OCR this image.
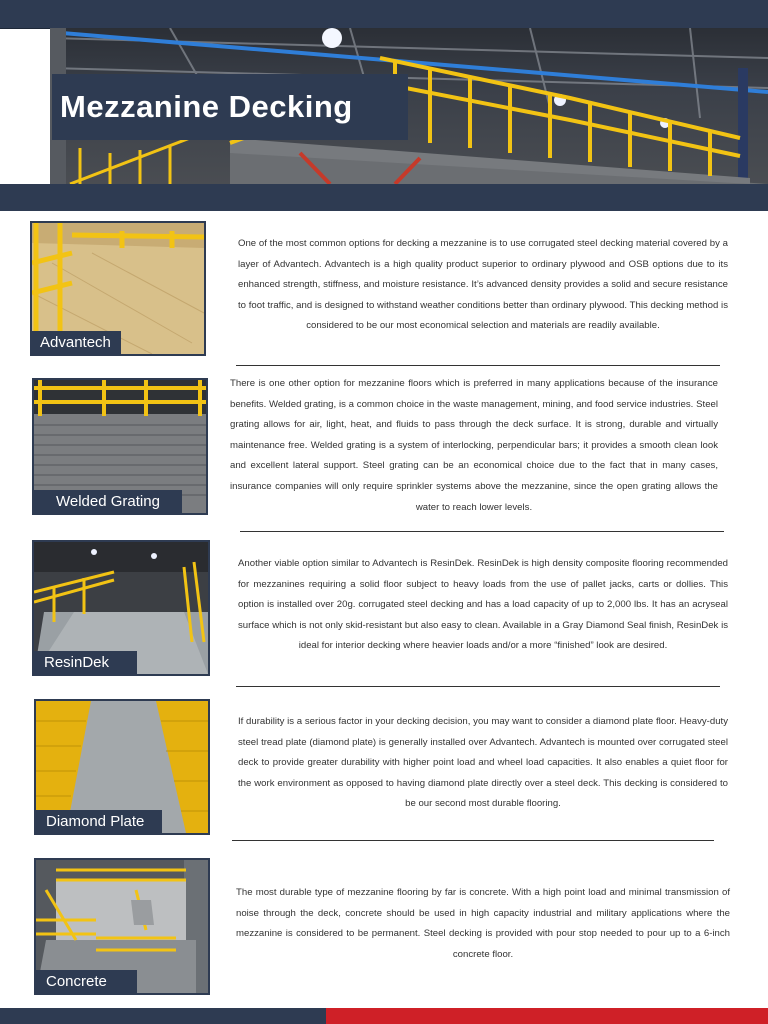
Mezzanine Decking
Advantech
One of the most common options for decking a mezzanine is to use corrugated steel decking material covered by a layer of Advantech. Advantech is a high quality product superior to ordinary plywood and OSB options due to its enhanced strength, stiffness, and moisture resistance. It’s advanced density provides a solid and secure resistance to foot traffic, and is designed to withstand weather conditions better than ordinary plywood. This decking method is considered to be our most economical selection and materials are readily available.
Welded Grating
There is one other option for mezzanine floors which is preferred in many applications because of the insurance benefits. Welded grating, is a common choice in the waste management, mining, and food service industries. Steel grating allows for air, light, heat, and fluids to pass through the deck surface. It is strong, durable and virtually maintenance free. Welded grating is a system of interlocking, perpendicular bars; it provides a smooth clean look and excellent lateral support. Steel grating can be an economical choice due to the fact that in many cases, insurance companies will only require sprinkler systems above the mezzanine, since the open grating allows the water to reach lower levels.
ResinDek
Another viable option similar to Advantech is ResinDek. ResinDek is high density composite flooring recommended for mezzanines requiring a solid floor subject to heavy loads from the use of pallet jacks, carts or dollies. This option is installed over 20g. corrugated steel decking and has a load capacity of up to 2,000 lbs. It has an acryseal surface which is not only skid-resistant but also easy to clean. Available in a Gray Diamond Seal finish, ResinDek is ideal for interior decking where heavier loads and/or a more “finished” look are desired.
Diamond Plate
If durability is a serious factor in your decking decision, you may want to consider a diamond plate floor. Heavy-duty steel tread plate (diamond plate) is generally installed over Advantech. Advantech is mounted over corrugated steel deck to provide greater durability with higher point load and wheel load capacities. It also enables a quiet floor for the work environment as opposed to having diamond plate directly over a steel deck. This decking is considered to be our second most durable flooring.
Concrete
The most durable type of mezzanine flooring by far is concrete. With a high point load and minimal transmission of noise through the deck, concrete should be used in high capacity industrial and military applications where the mezzanine is considered to be permanent. Steel decking is provided with pour stop needed to pour up to a 6-inch concrete floor.
